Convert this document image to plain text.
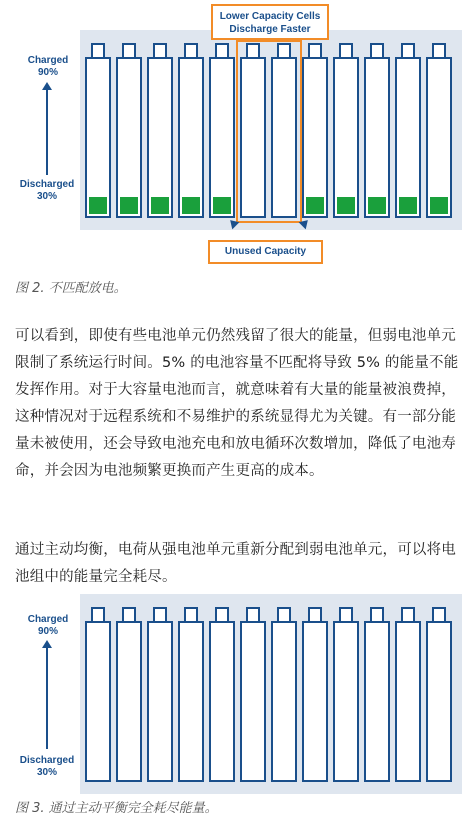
Charged
90%
Discharged
30%
Lower Capacity Cells
Discharge Faster
Unused Capacity
图 2. 不匹配放电。

可以看到，即使有些电池单元仍然残留了很大的能量，但弱电池单元限制了系统运行时间。5% 的电池容量不匹配将导致 5% 的能量不能发挥作用。对于大容量电池而言，就意味着有大量的能量被浪费掉，这种情况对于远程系统和不易维护的系统显得尤为关键。有一部分能量未被使用，还会导致电池充电和放电循环次数增加，降低了电池寿命，并会因为电池频繁更换而产生更高的成本。

通过主动均衡，电荷从强电池单元重新分配到弱电池单元，可以将电池组中的能量完全耗尽。

Charged
90%
Discharged
30%
图 3. 通过主动平衡完全耗尽能量。
